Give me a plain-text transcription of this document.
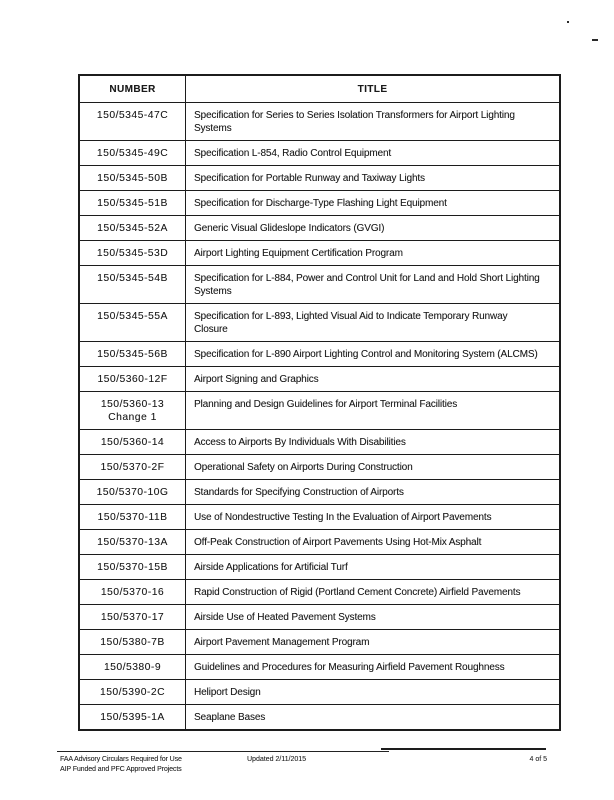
NUMBER	TITLE

150/5345-47C	Specification for Series to Series Isolation Transformers for Airport Lighting
Systems

150/5345-49C	Specification L-854, Radio Control Equipment

150/5345-50B	Specification for Portable Runway and Taxiway Lights

150/5345-51B	Specification for Discharge-Type Flashing Light Equipment

150/5345-52A	Generic Visual Glideslope Indicators (GVGI)

150/5345-53D	Airport Lighting Equipment Certification Program

150/5345-54B	Specification for L-884, Power and Control Unit for Land and Hold Short Lighting
Systems

150/5345-55A	Specification for L-893, Lighted Visual Aid to Indicate Temporary Runway
Closure

150/5345-56B	Specification for L-890 Airport Lighting Control and Monitoring System (ALCMS)

150/5360-12F	Airport Signing and Graphics

150/5360-13
Change 1	Planning and Design Guidelines for Airport Terminal Facilities

150/5360-14	Access to Airports By Individuals With Disabilities

150/5370-2F	Operational Safety on Airports During Construction

150/5370-10G	Standards for Specifying Construction of Airports

150/5370-11B	Use of Nondestructive Testing In the Evaluation of Airport Pavements

150/5370-13A	Off-Peak Construction of Airport Pavements Using Hot-Mix Asphalt

150/5370-15B	Airside Applications for Artificial Turf

150/5370-16	Rapid Construction of Rigid (Portland Cement Concrete) Airfield Pavements

150/5370-17	Airside Use of Heated Pavement Systems

150/5380-7B	Airport Pavement Management Program

150/5380-9	Guidelines and Procedures for Measuring Airfield Pavement Roughness

150/5390-2C	Heliport Design

150/5395-1A	Seaplane Bases
FAA Advisory Circulars Required for Use
AIP Funded and PFC Approved Projects
Updated 2/11/2015	4 of 5
